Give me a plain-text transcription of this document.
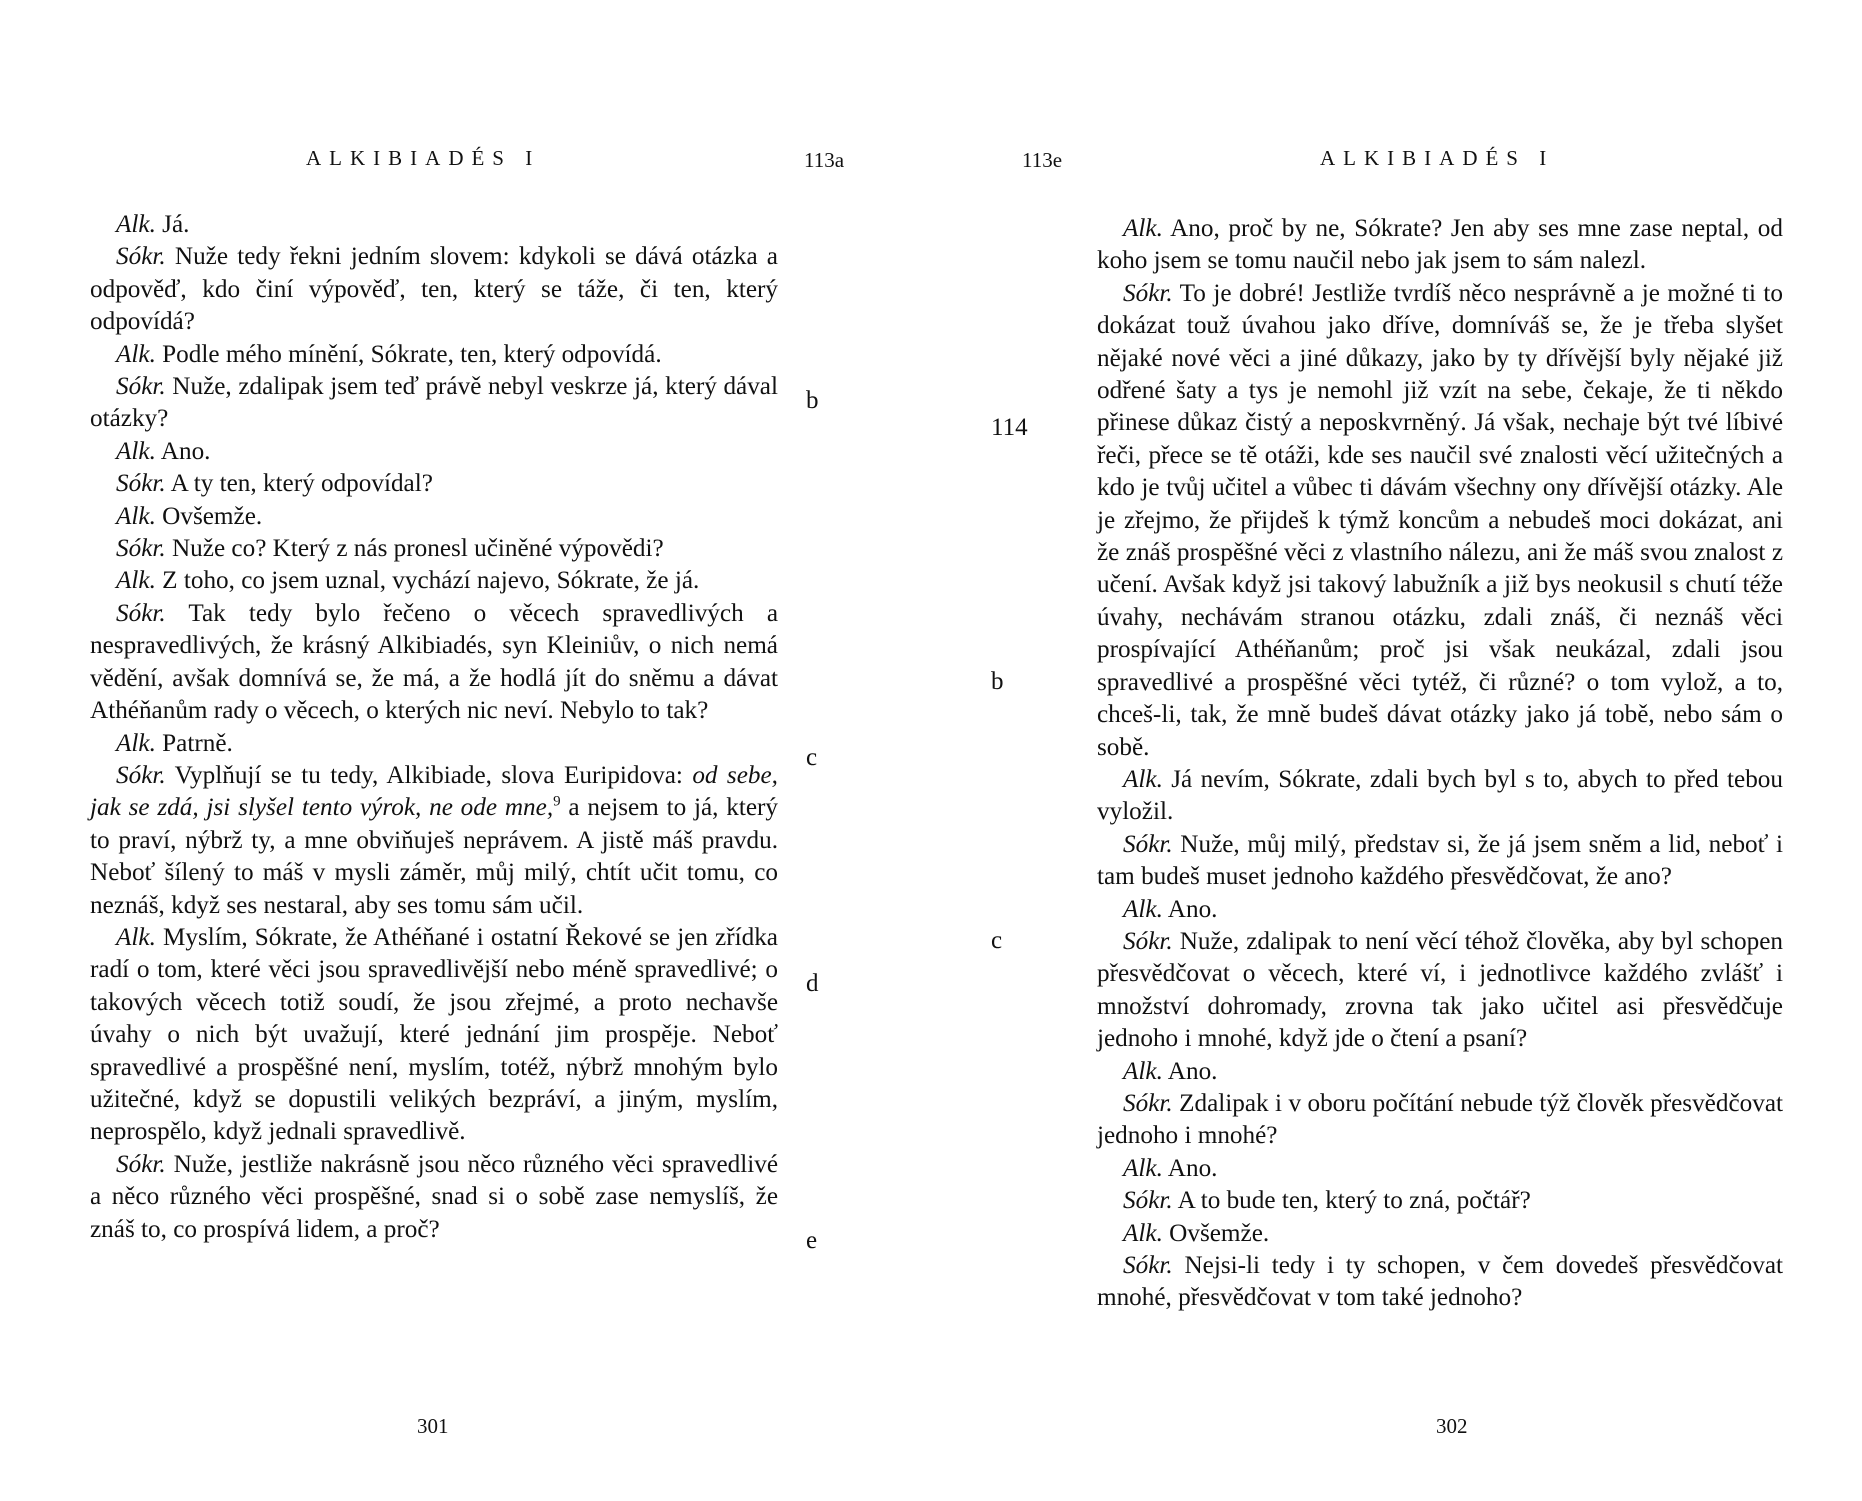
ALKIBIADÉS I	113a

Alk. Já.

Sókr. Nuže tedy řekni jedním slovem: kdykoli se dává otázka a odpověď, kdo činí výpověď, ten, který se táže, či ten, který odpovídá?

Alk. Podle mého mínění, Sókrate, ten, který odpovídá.

Sókr. Nuže, zdalipak jsem teď právě nebyl veskrze já, který dával otázky?

Alk. Ano.

Sókr. A ty ten, který odpovídal?

Alk. Ovšemže.

Sókr. Nuže co? Který z nás pronesl učiněné výpovědi?

Alk. Z toho, co jsem uznal, vychází najevo, Sókrate, že já.

Sókr. Tak tedy bylo řečeno o věcech spravedlivých a nespravedlivých, že krásný Alkibiadés, syn Kleiniův, o nich nemá vědění, avšak domnívá se, že má, a že hodlá jít do sněmu a dávat Athéňanům rady o věcech, o kterých nic neví. Nebylo to tak?

Alk. Patrně.

Sókr. Vyplňují se tu tedy, Alkibiade, slova Euripidova: od sebe, jak se zdá, jsi slyšel tento výrok, ne ode mne,$^9$ a nejsem to já, který to praví, nýbrž ty, a mne obviňuješ neprávem. A jistě máš pravdu. Neboť šílený to máš v mysli záměr, můj milý, chtít učit tomu, co neznáš, když ses nestaral, aby ses tomu sám učil.

Alk. Myslím, Sókrate, že Athéňané i ostatní Řekové se jen zřídka radí o tom, které věci jsou spravedlivější nebo méně spravedlivé; o takových věcech totiž soudí, že jsou zřejmé, a proto nechavše úvahy o nich být uvažují, které jednání jim prospěje. Neboť spravedlivé a prospěšné není, myslím, totéž, nýbrž mnohým bylo užitečné, když se dopustili velikých bezpráví, a jiným, myslím, neprospělo, když jednali spravedlivě.

Sókr. Nuže, jestliže nakrásně jsou něco různého věci spravedlivé a něco různého věci prospěšné, snad si o sobě zase nemyslíš, že znáš to, co prospívá lidem, a proč?

b
c
d
e
301
113e	ALKIBIADÉS I

Alk. Ano, proč by ne, Sókrate? Jen aby ses mne zase neptal, od koho jsem se tomu naučil nebo jak jsem to sám nalezl.

Sókr. To je dobré! Jestliže tvrdíš něco nesprávně a je možné ti to dokázat touž úvahou jako dříve, domníváš se, že je třeba slyšet nějaké nové věci a jiné důkazy, jako by ty dřívější byly nějaké již odřené šaty a tys je nemohl již vzít na sebe, čekaje, že ti někdo přinese důkaz čistý a neposkvrněný. Já však, nechaje být tvé líbivé řeči, přece se tě otáži, kde ses naučil své znalosti věcí užitečných a kdo je tvůj učitel a vůbec ti dávám všechny ony dřívější otázky. Ale je zřejmo, že přijdeš k týmž koncům a nebudeš moci dokázat, ani že znáš prospěšné věci z vlastního nálezu, ani že máš svou znalost z učení. Avšak když jsi takový labužník a již bys neokusil s chutí téže úvahy, nechávám stranou otázku, zdali znáš, či neznáš věci prospívající Athéňanům; proč jsi však neukázal, zdali jsou spravedlivé a prospěšné věci tytéž, či různé? o tom vylož, a to, chceš-li, tak, že mně budeš dávat otázky jako já tobě, nebo sám o sobě.

Alk. Já nevím, Sókrate, zdali bych byl s to, abych to před tebou vyložil.

Sókr. Nuže, můj milý, představ si, že já jsem sněm a lid, neboť i tam budeš muset jednoho každého přesvědčovat, že ano?

Alk. Ano.

Sókr. Nuže, zdalipak to není věcí téhož člověka, aby byl schopen přesvědčovat o věcech, které ví, i jednotlivce každého zvlášť i množství dohromady, zrovna tak jako učitel asi přesvědčuje jednoho i mnohé, když jde o čtení a psaní?

Alk. Ano.

Sókr. Zdalipak i v oboru počítání nebude týž člověk přesvědčovat jednoho i mnohé?

Alk. Ano.

Sókr. A to bude ten, který to zná, počtář?

Alk. Ovšemže.

Sókr. Nejsi-li tedy i ty schopen, v čem dovedeš přesvědčovat mnohé, přesvědčovat v tom také jednoho?

114
b
c
302
